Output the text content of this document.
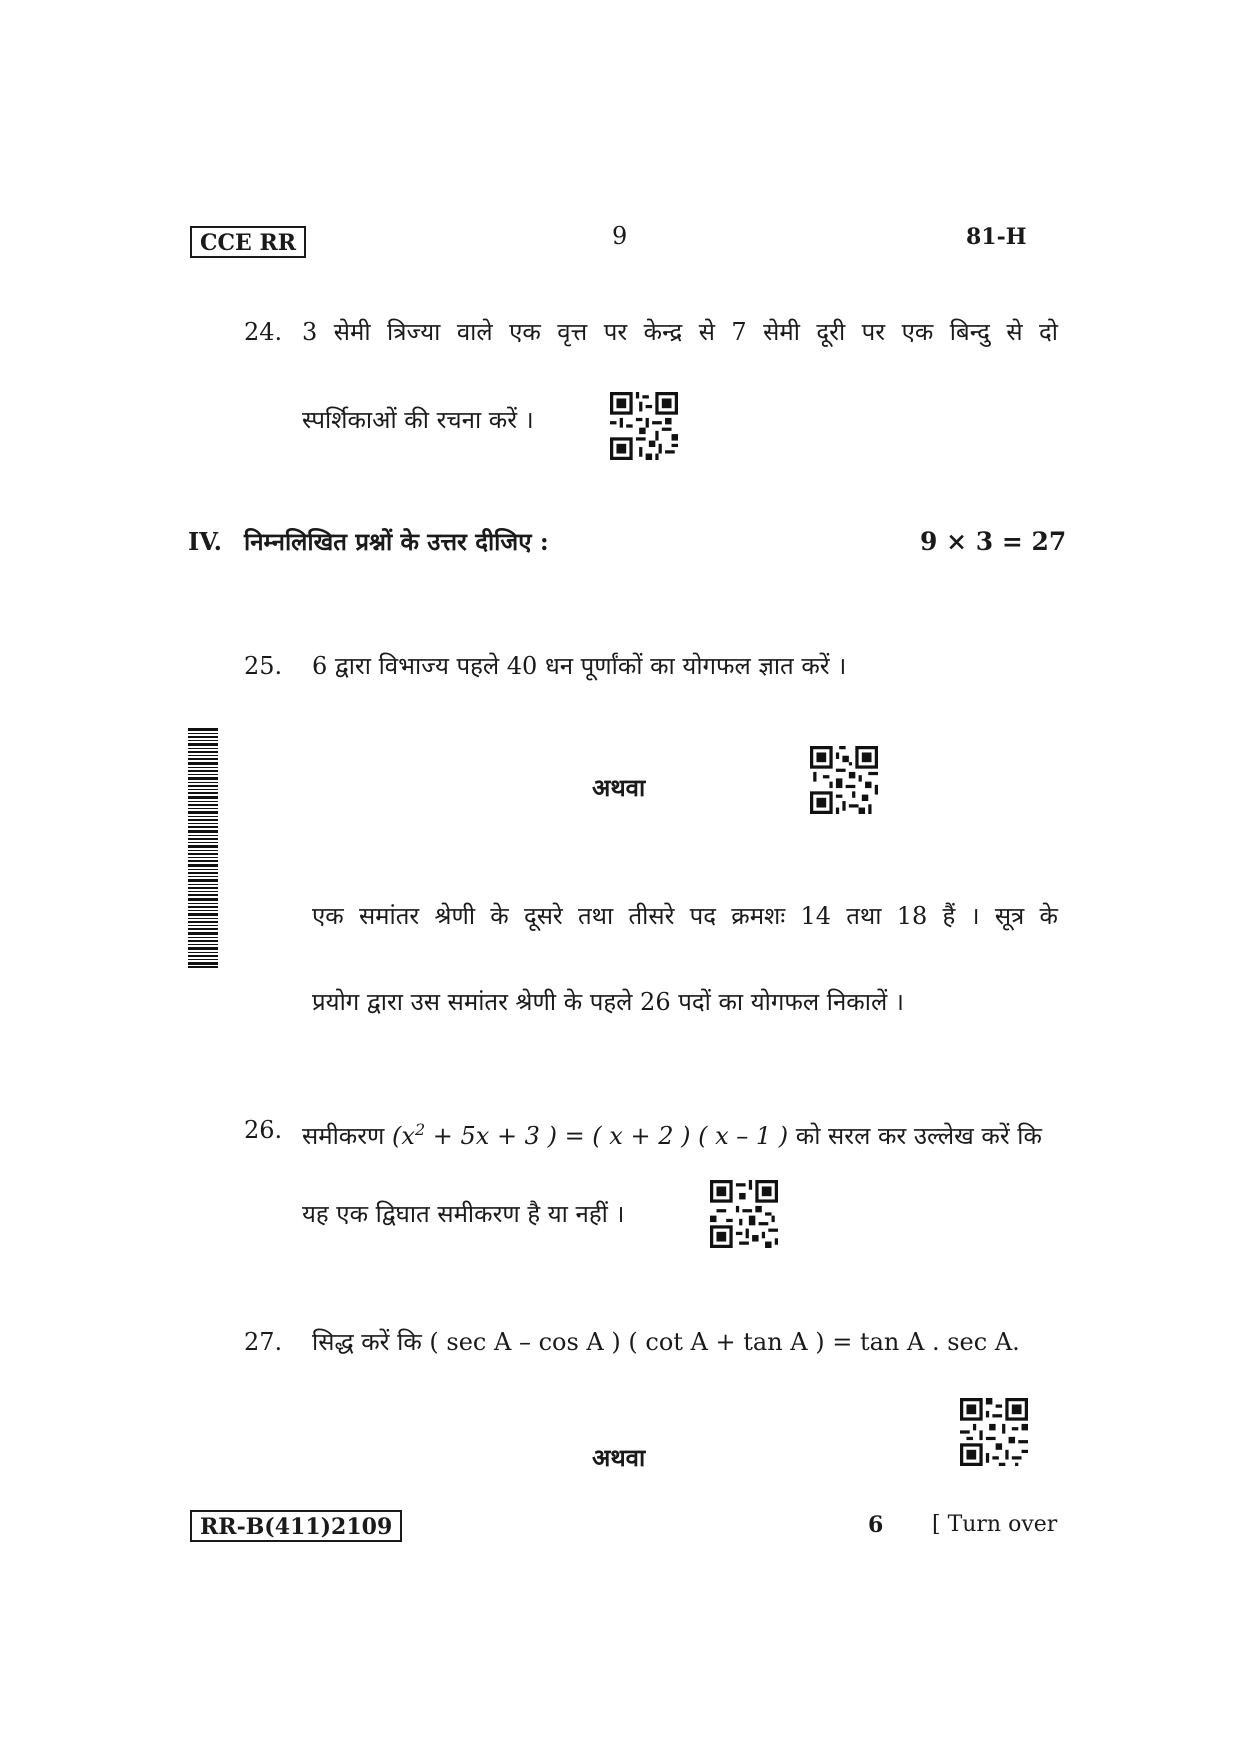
CCE RR	9	81-H
24. 3 सेमी त्रिज्या वाले एक वृत्त पर केन्द्र से 7 सेमी दूरी पर एक बिन्दु से दो
स्पर्शिकाओं की रचना करें ।
IV. निम्नलिखित प्रश्नों के उत्तर दीजिए :	9 × 3 = 27
25. 6 द्वारा विभाज्य पहले 40 धन पूर्णांकों का योगफल ज्ञात करें ।
अथवा
एक समांतर श्रेणी के दूसरे तथा तीसरे पद क्रमशः 14 तथा 18 हैं । सूत्र के
प्रयोग द्वारा उस समांतर श्रेणी के पहले 26 पदों का योगफल निकालें ।
26. समीकरण ($x^2 + 5x + 3$ ) = ( x + 2 ) ( x – 1 ) को सरल कर उल्लेख करें कि
यह एक द्विघात समीकरण है या नहीं ।
27. सिद्ध करें कि ( sec A – cos A ) ( cot A + tan A ) = tan A . sec A.
अथवा
RR-B(411)2109	6 [ Turn over
